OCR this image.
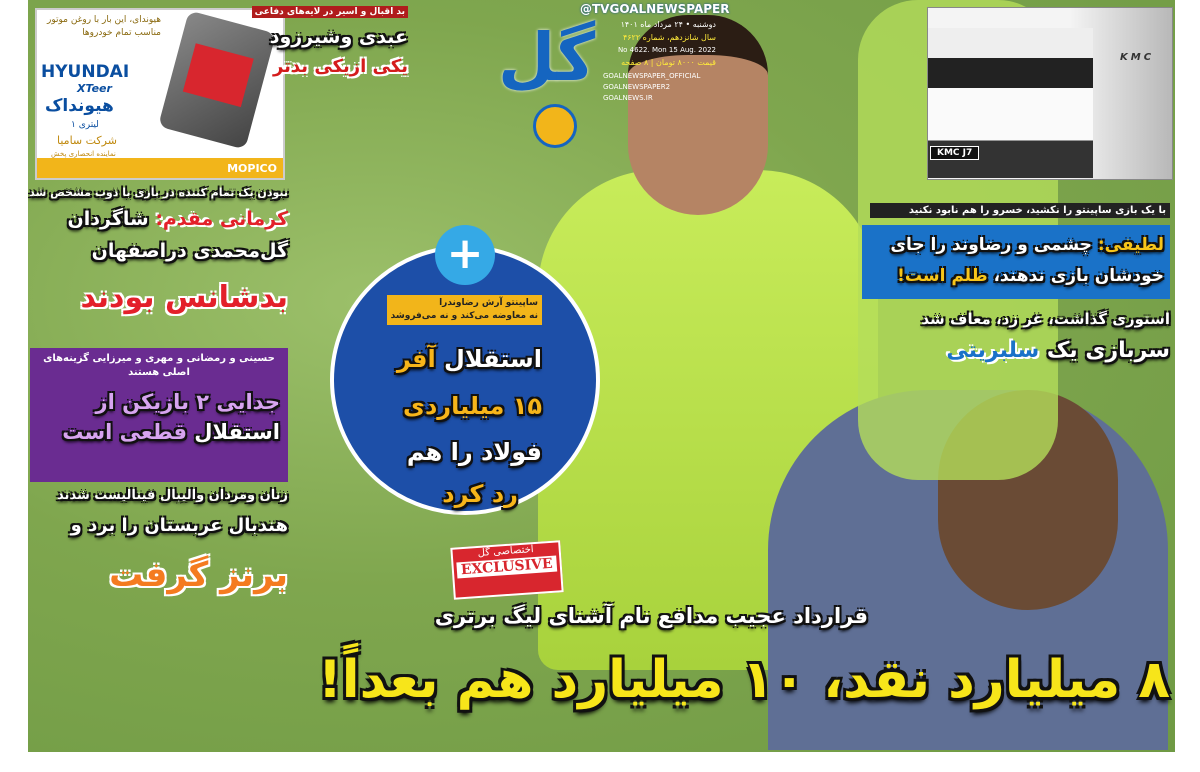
هیوندای، این بار با روغن موتور مناسب تمام خودروها
HYUNDAI
XTeer
هیونداک
۱ لیتری
شرکت سامیا
نماینده انحصاری پخش
MOPICO
بد اقبال و اسیر در لایه‌های دفاعی
عبدی وشیرزود
یکی ازیکی بدتر
@TVGOALNEWSPAPER
دوشنبه • ۲۴ مرداد ماه ۱۴۰۱
سال شانزدهم، شماره ۴۶۲۲
No 4622. Mon 15 Aug. 2022
قیمت ۸۰۰۰ تومان | ۸ صفحه
GOALNEWSPAPER_OFFICIAL
GOALNEWSPAPER2
GOALNEWS.IR
گل	KMC
KMC J7
با یک بازی ساپینتو را نکشید، خسرو را هم نابود نکنید
لطیفی: چشمی و رضاوند را جای
خودشان بازی ندهند، ظلم است!
استوری گذاشت، غر زد، معاف شد
سربازی یک سلبریتی
نبودن یک تمام کننده در بازی با ذوب مشخص شد
کرمانی مقدم: شاگردان
گل‌محمدی دراصفهان
بدشانس بودند
حسینی و رمضانی و مهری و میرزایی گزینه‌های اصلی هستند
جدایی ۲ بازیکن از
استقلال قطعی است
زنان ومردان والیبال فینالیست شدند
هندبال عربستان را برد و
برنز گرفت
+
ساپینتو آرش رضاوندرا
نه معاوضه می‌کند و نه می‌فروشد
استقلال آفر
۱۵ میلیاردی
فولاد را هم
رد کرد
اختصاصی گل
EXCLUSIVE
قرارداد عجیب مدافع نام آشنای لیگ برتری
۸ میلیارد نقد، ۱۰ میلیارد هم بعداً!
